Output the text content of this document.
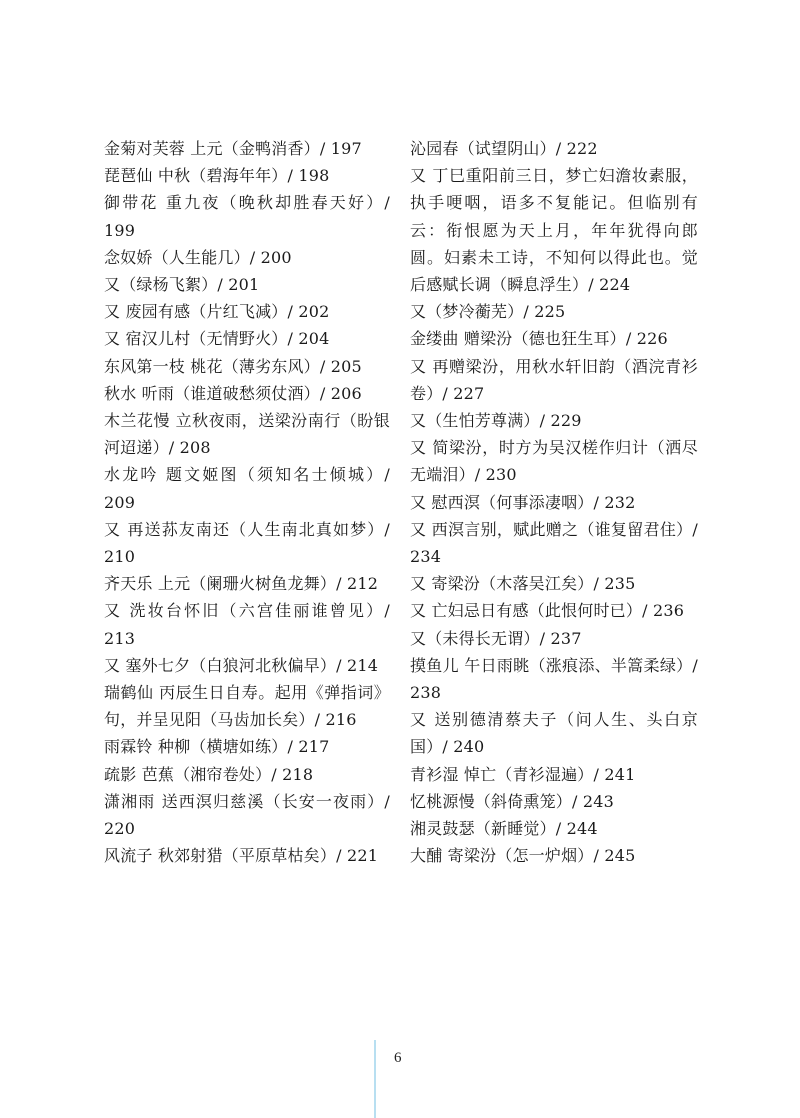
金菊对芙蓉 上元（金鸭消香）/ 197

琵琶仙 中秋（碧海年年）/ 198

御带花 重九夜（晚秋却胜春天好）/ 199

念奴娇（人生能几）/ 200

又（绿杨飞絮）/ 201

又 废园有感（片红飞减）/ 202

又 宿汉儿村（无情野火）/ 204

东风第一枝 桃花（薄劣东风）/ 205

秋水 听雨（谁道破愁须仗酒）/ 206

木兰花慢 立秋夜雨，送梁汾南行（盼银河迢递）/ 208

水龙吟 题文姬图（须知名士倾城）/ 209

又 再送荪友南还（人生南北真如梦）/ 210

齐天乐 上元（阑珊火树鱼龙舞）/ 212

又 洗妆台怀旧（六宫佳丽谁曾见）/ 213

又 塞外七夕（白狼河北秋偏早）/ 214

瑞鹤仙 丙辰生日自寿。起用《弹指词》句，并呈见阳（马齿加长矣）/ 216

雨霖铃 种柳（横塘如练）/ 217

疏影 芭蕉（湘帘卷处）/ 218

潇湘雨 送西溟归慈溪（长安一夜雨）/ 220

风流子 秋郊射猎（平原草枯矣）/ 221

沁园春（试望阴山）/ 222

又 丁巳重阳前三日，梦亡妇澹妆素服，执手哽咽，语多不复能记。但临别有云：衔恨愿为天上月，年年犹得向郎圆。妇素未工诗，不知何以得此也。觉后感赋长调（瞬息浮生）/ 224

又（梦冷蘅芜）/ 225

金缕曲 赠梁汾（德也狂生耳）/ 226

又 再赠梁汾，用秋水轩旧韵（酒浣青衫卷）/ 227

又（生怕芳尊满）/ 229

又 简梁汾，时方为吴汉槎作归计（洒尽无端泪）/ 230

又 慰西溟（何事添凄咽）/ 232

又 西溟言别，赋此赠之（谁复留君住）/ 234

又 寄梁汾（木落吴江矣）/ 235

又 亡妇忌日有感（此恨何时已）/ 236

又（未得长无谓）/ 237

摸鱼儿 午日雨眺（涨痕添、半篙柔绿）/ 238

又 送别德清蔡夫子（问人生、头白京国）/ 240

青衫湿 悼亡（青衫湿遍）/ 241

忆桃源慢（斜倚熏笼）/ 243

湘灵鼓瑟（新睡觉）/ 244

大酺 寄梁汾（怎一炉烟）/ 245

6
